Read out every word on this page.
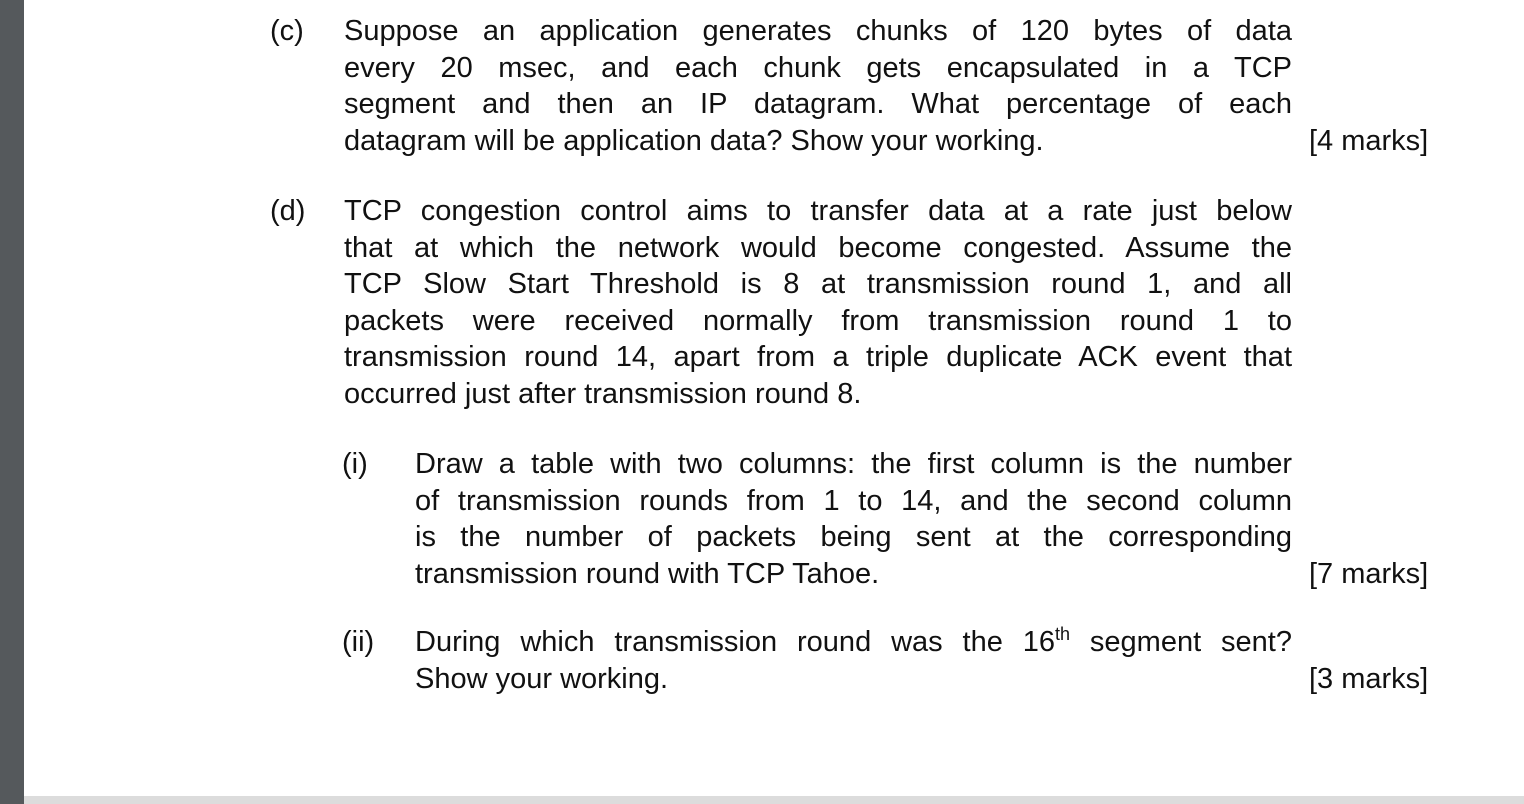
(c) Suppose an application generates chunks of 120 bytes of data
every 20 msec, and each chunk gets encapsulated in a TCP
segment and then an IP datagram. What percentage of each
datagram will be application data? Show your working.	[4 marks]
(d) TCP congestion control aims to transfer data at a rate just below
that at which the network would become congested. Assume the
TCP Slow Start Threshold is 8 at transmission round 1, and all
packets were received normally from transmission round 1 to
transmission round 14, apart from a triple duplicate ACK event that
occurred just after transmission round 8.
(i) Draw a table with two columns: the first column is the number
of transmission rounds from 1 to 14, and the second column
is the number of packets being sent at the corresponding
transmission round with TCP Tahoe.	[7 marks]
(ii) During which transmission round was the 16th segment sent?
Show your working.	[3 marks]
